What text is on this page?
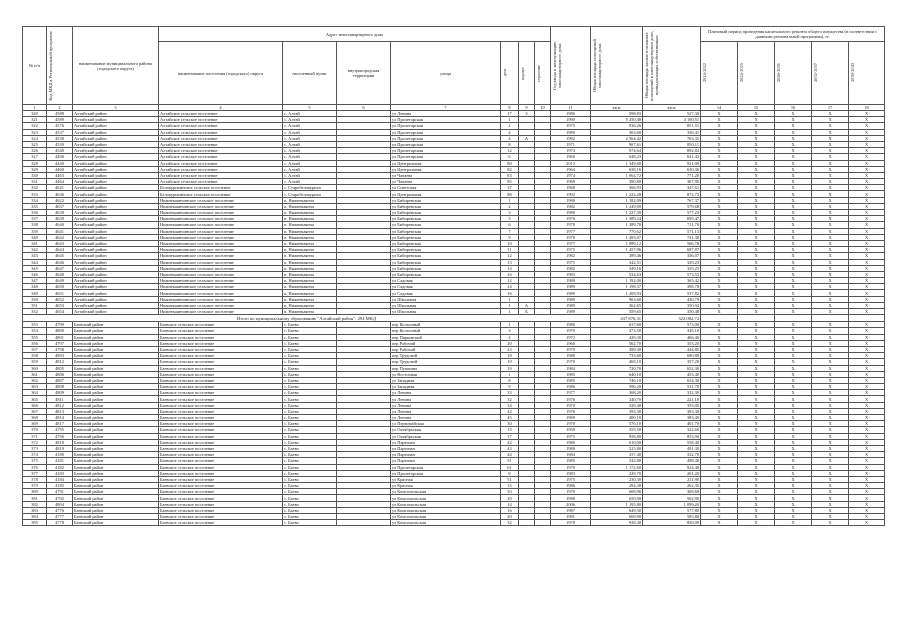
№ п/п	Код МКД в Региональной программе	наименование муниципального района (городского округа)	Адрес многоквартирного дома							Год ввода в эксплуатацию многоквартирного дома	Общая площадь помещений многоквартирного дома	Общая площадь жилых и нежилых помещений в многоквартирном доме, принадлежащих собственникам	Плановый период проведения капитального ремонта общего имущества (в соответствии с данными региональной программы), гг.				
			наименование поселения (городского) округа	населенный пункт	внутригородская территория	улица	дом	корпус	строение				2014-2022	2024-2025	2026-2031	2032-2037	2038-2043

1	2	3	4	5	6	7	8	9	10	11	кв.м	кв.м	14	15	16	17	18
320	4588	Алтайский район	Алтайское сельское поселение	с. Алтай		ул Ленина	17	3		1986	598,83	527,30	X	X	X	X	X
321	4589	Алтайский район	Алтайское сельское поселение	с. Алтай		ул Пролетарская	1			1990	5 250,48	4 100,51	X	X	X	X	X
322	4576	Алтайский район	Алтайское сельское поселение	с. Алтай		ул Пролетарская	2			1975	936,26	851,51	X	X	X	X	X
323	4537	Алтайский район	Алтайское сельское поселение	с. Алтай		ул Пролетарская	4			1989	363,60	330,41	X	X	X	X	X
324	4538	Алтайский район	Алтайское сельское поселение	с. Алтай		ул Пролетарская	4	А		1982	2 564,42	763,35	X	X	X	X	X
325	4539	Алтайский район	Алтайское сельское поселение	с. Алтай		ул Пролетарская	8			1971	967,61	850,11	X	X	X	X	X
326	4540	Алтайский район	Алтайское сельское поселение	с. Алтай		ул Пролетарская	12			1973	974,64	892,84	X	X	X	X	X
327	4496	Алтайский район	Алтайское сельское поселение	с. Алтай		ул Пролетарская	6			1966	648,23	631,43	X	X	X	X	X
328	4440	Алтайский район	Алтайское сельское поселение	с. Алтай		ул Центральная	80			2013	1 349,60	921,00	X	X	X	X	X
329	4460	Алтайский район	Алтайское сельское поселение	с. Алтай		ул Центральная	82			1964	638,16	630,36	X	X	X	X	X
330	4463	Алтайский район	Алтайское сельское поселение	с. Алтай		ул Чапаева	83			1974	1 064,72	771,20	X	X	X	X	X
331	4464	Алтайский район	Алтайское сельское поселение	с. Алтай		ул Чапаева	85			1969	390,80	367,90	X	X	X	X	X
332	4621	Алтайский район	Белокурихинское сельское поселение	с. Старобелокуриха		ул Советская	37			1968	366,93	347,61	X	X	X	X	X
333	4636	Алтайский район	Белокурихинское сельское поселение	с. Старобелокуриха		ул Центральная	88			1992	1 222,28	872,73	X	X	X	X	X
334	4622	Алтайский район	Нижнекаянчинское сельское поселение	п. Нижнекаянча		ул Бибиревская	1			1980	1 182,09	767,37	X	X	X	X	X
335	4637	Алтайский район	Нижнекаянчинское сельское поселение	п. Нижнекаянча		ул Бибиревская	2			1982	1 249,09	579,68	X	X	X	X	X
336	4638	Алтайский район	Нижнекаянчинское сельское поселение	п. Нижнекаянча		ул Бибиревская	3			1980	1 227,39	577,23	X	X	X	X	X
337	4639	Алтайский район	Нижнекаянчинское сельское поселение	п. Нижнекаянча		ул Бибиревская	5			1976	1 389,24	699,47	X	X	X	X	X
338	4640	Алтайский район	Нижнекаянчинское сельское поселение	п. Нижнекаянча		ул Бибиревская	6			1978	1 389,78	711,70	X	X	X	X	X
339	4641	Алтайский район	Нижнекаянчинское сельское поселение	п. Нижнекаянча		ул Бибиревская	7			1977	770,62	571,13	X	X	X	X	X
340	4642	Алтайский район	Нижнекаянчинское сельское поселение	п. Нижнекаянча		ул Бибиревская	9			1978	1 493,07	721,38	X	X	X	X	X
341	4643	Алтайский район	Нижнекаянчинское сельское поселение	п. Нижнекаянча		ул Бибиревская	10			1977	1 089,12	566,78	X	X	X	X	X
342	4644	Алтайский район	Нижнекаянчинское сельское поселение	п. Нижнекаянча		ул Бибиревская	11			1975	1 457,96	687,87	X	X	X	X	X
343	4645	Алтайский район	Нижнекаянчинское сельское поселение	п. Нижнекаянча		ул Бибиревская	12			1982	389,46	356,07	X	X	X	X	X
344	4646	Алтайский район	Нижнекаянчинское сельское поселение	п. Нижнекаянча		ул Бибиревская	13			1975	342,51	329,23	X	X	X	X	X
345	4647	Алтайский район	Нижнекаянчинское сельское поселение	п. Нижнекаянча		ул Бибиревская	14			1982	349,16	355,25	X	X	X	X	X
346	4648	Алтайский район	Нижнекаянчинское сельское поселение	п. Нижнекаянча		ул Бибиревская	16			1983	534,63	573,53	X	X	X	X	X
347	4649	Алтайский район	Нижнекаянчинское сельское поселение	п. Нижнекаянча		ул Садовая	12			1980	1 192,00	365,42	X	X	X	X	X
348	4650	Алтайский район	Нижнекаянчинское сельское поселение	п. Нижнекаянча		ул Садовая	14			1989	1 198,37	398,78	X	X	X	X	X
349	4651	Алтайский район	Нижнекаянчинское сельское поселение	п. Нижнекаянча		ул Садовая	16			1989	1 209,93	537,82	X	X	X	X	X
350	4652	Алтайский район	Нижнекаянчинское сельское поселение	п. Нижнекаянча		ул Школьная	1			1989	963,60	430,79	X	X	X	X	X
351	4653	Алтайский район	Нижнекаянчинское сельское поселение	п. Нижнекаянча		ул Школьная	1	А		1989	362,65	350,94	X	X	X	X	X
352	4654	Алтайский район	Нижнекаянчинское сельское поселение	п. Нижнекаянча		ул Школьная	1	Б		1989	359,65	350,48	X	X	X	X	X
Итого по муниципальному образованию "Алтайский район": 294 МКД											437 876,31	322 082,72					
353	4799	Баевский район	Баевское сельское поселение	с. Баево		пер Колхозный	1			1986	637,60	573,00	X	X	X	X	X
354	4800	Баевский район	Баевское сельское поселение	с. Баево		пер Колхозный	3			1970	373,50	345,10	X	X	X	X	X
355	4801	Баевский район	Баевское сельское поселение	с. Баево		пер Парковский	2			1972	429,30	466,40	X	X	X	X	X
356	4797	Баевский район	Баевское сельское поселение	с. Баево		пер Рабочий	20			1968	562,70	353,20	X	X	X	X	X
357	4798	Баевский район	Баевское сельское поселение	с. Баево		пер Рабочий	23			1970	499,30	444,80	X	X	X	X	X
358	4803	Баевский район	Баевское сельское поселение	с. Баево		пер Трудовой	18			1980	735,60	680,80	X	X	X	X	X
359	4812	Баевский район	Баевское сельское поселение	с. Баево		пер Трудовой	19			1970	469,10	357,20	X	X	X	X	X
360	4805	Баевский район	Баевское сельское поселение	с. Баево		пер Пушкина	19			1984	720,70	652,30	X	X	X	X	X
361	4806	Баевский район	Баевское сельское поселение	с. Баево		ул Восточная	1			1985	640,10	453,40	X	X	X	X	X
362	4807	Баевский район	Баевское сельское поселение	с. Баево		ул Западная	8			1985	746,10	654,30	X	X	X	X	X
363	4808	Баевский район	Баевское сельское поселение	с. Баево		ул Западная	9			1986	596,20	531,70	X	X	X	X	X
364	4809	Баевский район	Баевское сельское поселение	с. Баево		ул Ленина	33			1977	368,20	332,30	X	X	X	X	X
365	4811	Баевский район	Баевское сельское поселение	с. Баево		ул Ленина	32			1976	240,70	221,10	X	X	X	X	X
366	4812	Баевский район	Баевское сельское поселение	с. Баево		ул Ленина	34			1970	329,40	355,00	X	X	X	X	X
367	4813	Баевский район	Баевское сельское поселение	с. Баево		ул Ленина	42			1976	393,30	393,30	X	X	X	X	X
368	4814	Баевский район	Баевское сельское поселение	с. Баево		ул Ленина	45			1969	400,10	383,40	X	X	X	X	X
369	4817	Баевский район	Баевское сельское поселение	с. Баево		ул Первомайская	30			1970	576,10	461,70	X	X	X	X	X
370	4795	Баевский район	Баевское сельское поселение	с. Баево		ул Октябрьская	15			1950	355,50	322,60	X	X	X	X	X
371	4796	Баевский район	Баевское сельское поселение	с. Баево		ул Октябрьская	17			1975	958,80	853,90	X	X	X	X	X
372	4818	Баевский район	Баевское сельское поселение	с. Баево		ул Партизан	42			1980	610,00	558,40	X	X	X	X	X
373	4819	Баевский район	Баевское сельское поселение	с. Баево		ул Партизан	43			1980	525,80	491,30	X	X	X	X	X
374	4180	Баевский район	Баевское сельское поселение	с. Баево		ул Партизан	44			1984	337,40	332,70	X	X	X	X	X
375	4181	Баевский район	Баевское сельское поселение	с. Баево		ул Партизан	51			1985	542,80	498,40	X	X	X	X	X
376	4182	Баевский район	Баевское сельское поселение	с. Баево		ул Пролетарская	61			1979	1 172,60	924,40	X	X	X	X	X
377	4183	Баевский район	Баевское сельское поселение	с. Баево		ул Пролетарская	8			1983	229,70	201,20	X	X	X	X	X
378	4184	Баевский район	Баевское сельское поселение	с. Баево		ул Красная	51			1975	230,30	211,90	X	X	X	X	X
379	4185	Баевский район	Баевское сельское поселение	с. Баево		ул Красная	15			1986	294,30	262,30	X	X	X	X	X
380	4791	Баевский район	Баевское сельское поселение	с. Баево		ул Комсомольская	33			1970	608,96	369,60	X	X	X	X	X
381	4792	Баевский район	Баевское сельское поселение	с. Баево		ул Комсомольская	20			1988	650,90	562,90	X	X	X	X	X
382	4804	Баевский район	Баевское сельское поселение	с. Баево		ул Комсомольская	14			2006	1 195,80	1 099,20	X	X	X	X	X
383	4776	Баевский район	Баевское сельское поселение	с. Баево		ул Комсомольская	16			1987	649,30	577,80	X	X	X	X	X
384	4777	Баевский район	Баевское сельское поселение	с. Баево		ул Комсомольская	20			1981	669,90	585,80	X	X	X	X	X
385	4778	Баевский район	Баевское сельское поселение	с. Баево		ул Комсомольская	32			1978	938,40	850,00	X	X	X	X	X
